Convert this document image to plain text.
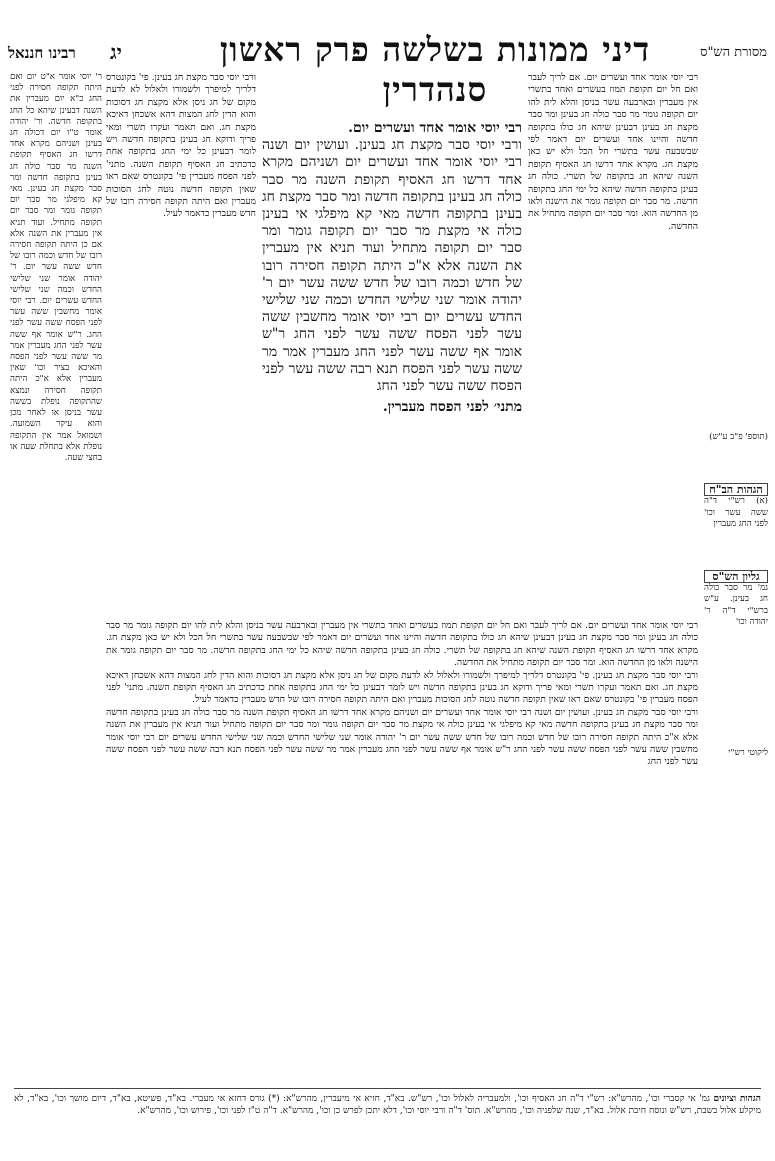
רבינו חננאל יג	דיני ממונות בשלשה פרק ראשון סנהדרין
מסורת הש"ס
ר' יוסי אומר א"ט יום ואם היתה תקופה חסירה לפני החג כ"א יום מעברין את השנה דבעינן שיהא כל החג בתקופה חדשה. ור' יהודה אומר ט"ו יום דכולה חג בעינן ושניהם מקרא אחד דרשו חג האסיף תקופת השנה מר סבר כולה חג בעינן בתקופה חדשה ומר סבר מקצת חג בעינן. מאי קא מיפלגי מר סבר יום תקופה גומר ומר סבר יום תקופה מתחיל. ועוד תניא אין מעברין את השנה אלא אם כן היתה תקופה חסירה רובו של חדש וכמה רובו של חדש ששה עשר יום. ר' יהודה אומר שני שלישי החדש וכמה שני שלישי החדש עשרים יום. רבי יוסי אומר מחשבין ששה עשר לפני הפסח ששה עשר לפני החג. ר"ש אומר אף ששה עשר לפני החג מעברין אמר מר ששה עשר לפני הפסח והאיכא בציר וכו' שאין מעברין אלא א"כ היתה תקופה חסירה ונמצא שהתקופה נופלת בששה עשר בניסן או לאחר מכן והוא עיקר השמועה. ושמואל אמר אין התקופה נופלת אלא בתחלת שעה או בחצי שעה.
ורבי יוסי סבר מקצת חג בעינן. פי' בקונטרס דלריך למיפרך ולשמורו ולאלול לא לדעת מקום של חג ניסן אלא מקצת חג דסוכות והוא הדין לחג המצות דהא אשכחן דאיכא מקצת חג. ואם תאמר ועקרו תשרי ומאי פריך ודוקא חג בעינן בתקופה חדשה ויש לומר דבעינן כל ימי החג בתקופה אחת כדכתיב חג האסיף תקופת השנה. מתני' לפני הפסח מעברין פי' בקונטרס שאם ראו שאין תקופה חדשה נוטה לחג הסוכות מעברין ואם היתה תקופה חסירה רובו של חדש מעברין כדאמר לעיל.
רבי יוסי אומר אחד ועשרים יום.
ורבי יוסי סבר מקצת חג בעינן. ועושין יום ושנה רבי יוסי אומר אחד ועשרים יום ושניהם מקרא אחד דרשו חג האסיף תקופת השנה מר סבר כולה חג בעינן בתקופה חדשה ומר סבר מקצת חג בעינן בתקופה חדשה מאי קא מיפלגי אי בעינן כולה אי מקצת מר סבר יום תקופה גומר ומר סבר יום תקופה מתחיל ועוד תניא אין מעברין את השנה אלא א"כ היתה תקופה חסירה רובו של חדש וכמה רובו של חדש ששה עשר יום ר' יהודה אומר שני שלישי החדש וכמה שני שלישי החדש עשרים יום רבי יוסי אומר מחשבין ששה עשר לפני הפסח ששה עשר לפני החג ר"ש אומר אף ששה עשר לפני החג מעברין אמר מר ששה עשר לפני הפסח תנא רבה ששה עשר לפני הפסח ששה עשר לפני החג
מתני׳ לפני הפסח מעברין.
רבי יוסי אומר אחד ועשרים יום. אם לריך לעבר ואם חל יום תקופת תמוז בעשרים ואחד בתשרי אין מעברין ובארבעה עשר בניסן והלא לית להו יום תקופה גומר מר סבר כולה חג בעינן ומר סבר מקצת חג בעינן דבעינן שיהא חג כולו בתקופה חדשה והיינו אחד ועשרים יום דאמר לפי שבשבעה עשר בתשרי חל הכל ולא יש כאן מקצת חג. מקרא אחד דרשו חג האסיף תקופת השנה שיהא חג בתקופה של תשרי. כולה חג בעינן בתקופה חדשה שיהא כל ימי החג בתקופה חדשה. מר סבר יום תקופה גומר את הישנה ולאו מן החדשה הוא. ומר סבר יום תקופה מתחיל את החדשה.
(תוספ' פ"ב ע"ש)
הגהות הב"ח
(א) רש"י ד"ה ששה עשר וכו' לפני החג מעברין
גליון הש"ס
גמ' מר סבר כולה חג בעינן. ע"ש ברש"י ד"ה ר' יהודה וכו'
ליקוטי רש"י
רבי יוסי אומר אחד ועשרים יום. אם לריך לעבר ואם חל יום תקופת תמוז בעשרים ואחד בתשרי אין מעברין ובארבעה עשר בניסן והלא לית להו יום תקופה גומר מר סבר כולה חג בעינן ומר סבר מקצת חג בעינן דבעינן שיהא חג כולו בתקופה חדשה והיינו אחד ועשרים יום דאמר לפי שבשבעה עשר בתשרי חל הכל ולא יש כאן מקצת חג. מקרא אחד דרשו חג האסיף תקופת השנה שיהא חג בתקופה של תשרי. כולה חג בעינן בתקופה חדשה שיהא כל ימי החג בתקופה חדשה. מר סבר יום תקופה גומר את הישנה ולאו מן החדשה הוא. ומר סבר יום תקופה מתחיל את החדשה.
ורבי יוסי סבר מקצת חג בעינן. פי' בקונטרס דלריך למיפרך ולשמורו ולאלול לא לדעת מקום של חג ניסן אלא מקצת חג דסוכות והוא הדין לחג המצות דהא אשכחן דאיכא מקצת חג. ואם תאמר ועקרו תשרי ומאי פריך ודוקא חג בעינן בתקופה חדשה ויש לומר דבעינן כל ימי החג בתקופה אחת כדכתיב חג האסיף תקופת השנה. מתני' לפני הפסח מעברין פי' בקונטרס שאם ראו שאין תקופה חדשה נוטה לחג הסוכות מעברין ואם היתה תקופה חסירה רובו של חדש מעברין כדאמר לעיל.
ורבי יוסי סבר מקצת חג בעינן. ועושין יום ושנה רבי יוסי אומר אחד ועשרים יום ושניהם מקרא אחד דרשו חג האסיף תקופת השנה מר סבר כולה חג בעינן בתקופה חדשה ומר סבר מקצת חג בעינן בתקופה חדשה מאי קא מיפלגי אי בעינן כולה אי מקצת מר סבר יום תקופה גומר ומר סבר יום תקופה מתחיל ועוד תניא אין מעברין את השנה אלא א"כ היתה תקופה חסירה רובו של חדש וכמה רובו של חדש ששה עשר יום ר' יהודה אומר שני שלישי החדש וכמה שני שלישי החדש עשרים יום רבי יוסי אומר מחשבין ששה עשר לפני הפסח ששה עשר לפני החג ר"ש אומר אף ששה עשר לפני החג מעברין אמר מר ששה עשר לפני הפסח תנא רבה ששה עשר לפני הפסח ששה עשר לפני החג
הגהות וציונים גמ' אי קסברי וכו', מהרש"א: רש"י ד"ה חג האסיף וכו', ולמעבריה לאלול וכו', רש"ש. בא"ד, חזיא אי מיעברין, מהרש"א: (*) גורס דחזא אי מעברי. בא"ד, פשיטא, בא"ד, דיום מושך וכו', בא"ד, לא מיקלע אלול בשבת, רש"ש ונוסח חיבת אלול. בא"ד, שנה שלפניה וכו', מהרש"א. תוס' ד"ה ורבי יוסי וכו', דלא יתכן לפרש כן וכו', מהרש"א. ד"ה ט"ז לפני וכו', פירוש וכו', מהרש"א.
